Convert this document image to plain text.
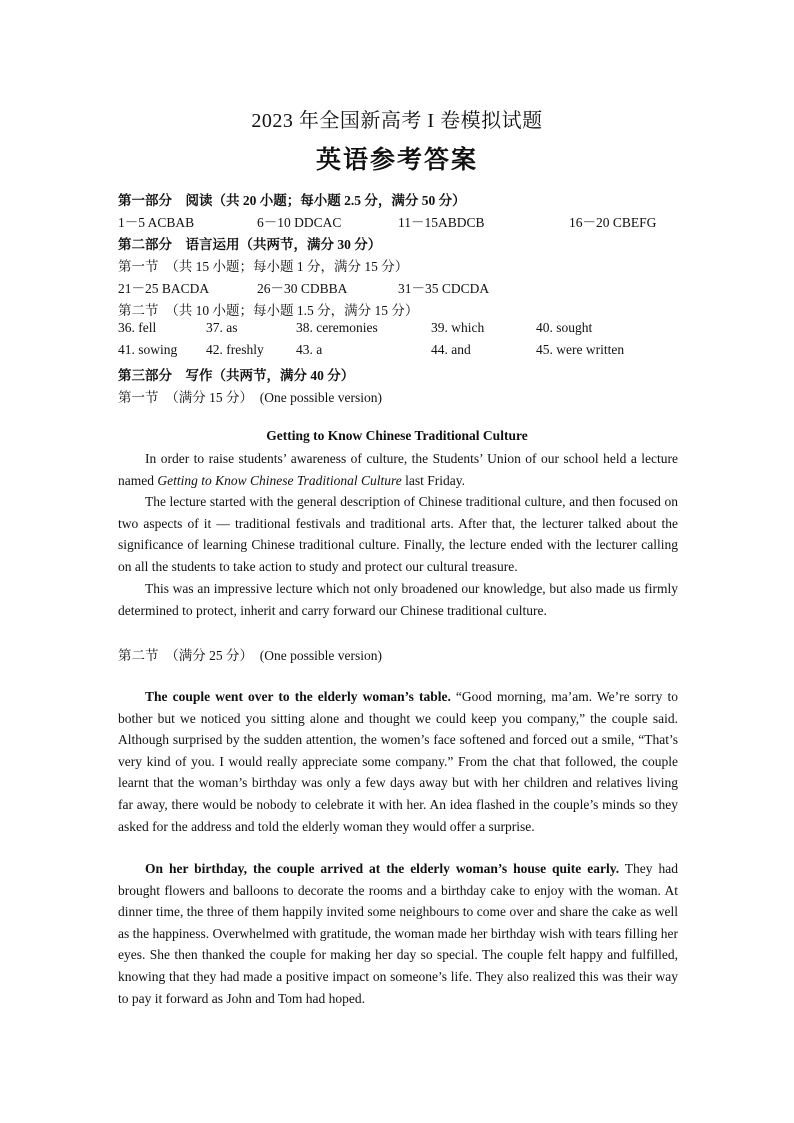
2023 年全国新高考 I 卷模拟试题
英语参考答案
第一部分　阅读（共 20 小题；每小题 2.5 分，满分 50 分）
1－5 ACBAB	6－10 DDCAC	11－15ABDCB	16－20 CBEFG
第二部分　语言运用（共两节，满分 30 分）
第一节　（共 15 小题；每小题 1 分，满分 15 分）
21－25 BACDA	26－30 CDBBA	31－35 CDCDA
第二节　（共 10 小题；每小题 1.5 分，满分 15 分）
36. fell	37. as	38. ceremonies	39. which	40. sought
41. sowing 42. freshly 43. a	44. and	45. were written
第三部分　写作（共两节，满分 40 分）
第一节　（满分 15 分）　(One possible version)
Getting to Know Chinese Traditional Culture

In order to raise students’ awareness of culture, the Students’ Union of our school held a lecture named Getting to Know Chinese Traditional Culture last Friday.

The lecture started with the general description of Chinese traditional culture, and then focused on two aspects of it — traditional festivals and traditional arts. After that, the lecturer talked about the significance of learning Chinese traditional culture. Finally, the lecture ended with the lecturer calling on all the students to take action to study and protect our cultural treasure.

This was an impressive lecture which not only broadened our knowledge, but also made us firmly determined to protect, inherit and carry forward our Chinese traditional culture.

第二节　（满分 25 分）　(One possible version)

The couple went over to the elderly woman’s table. “Good morning, ma’am. We’re sorry to bother but we noticed you sitting alone and thought we could keep you company,” the couple said. Although surprised by the sudden attention, the women’s face softened and forced out a smile, “That’s very kind of you. I would really appreciate some company.” From the chat that followed, the couple learnt that the woman’s birthday was only a few days away but with her children and relatives living far away, there would be nobody to celebrate it with her. An idea flashed in the couple’s minds so they asked for the address and told the elderly woman they would offer a surprise.

On her birthday, the couple arrived at the elderly woman’s house quite early. They had brought flowers and balloons to decorate the rooms and a birthday cake to enjoy with the woman. At dinner time, the three of them happily invited some neighbours to come over and share the cake as well as the happiness. Overwhelmed with gratitude, the woman made her birthday wish with tears filling her eyes. She then thanked the couple for making her day so special. The couple felt happy and fulfilled, knowing that they had made a positive impact on someone’s life. They also realized this was their way to pay it forward as John and Tom had hoped.
